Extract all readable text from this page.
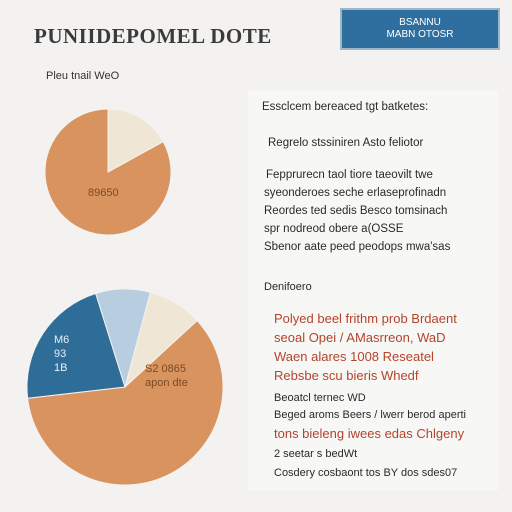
PUNIIDEPOMEL DOTE
BSANNU
MABN OTOSR
Pleu tnail WeO
89650
S2 0865
apon dte
M6
93
1B
Essclcem bereaced tgt batketes:
Regrelo stssiniren Asto feliotor
Fepprurecn taol tiore taeovilt twe
syeonderoes seche erlaseprofinadn
Reordes ted sedis Besco tomsinach
spr nodreod obere a(OSSE
Sbenor aate peed peodops mwa'sas
Denifoero
Polyed beel frithm prob Brdaent
seoal Opei / AMasrreon, WaD
Waen alares 1008 Reseatel
Rebsbe scu bieris Whedf
Beoatcl ternec WD
Beged aroms Beers / lwerr berod aperti
tons bieleng iwees edas Chlgeny
2 seetar s bedWt
Cosdery cosbaont tos BY dos sdes07
